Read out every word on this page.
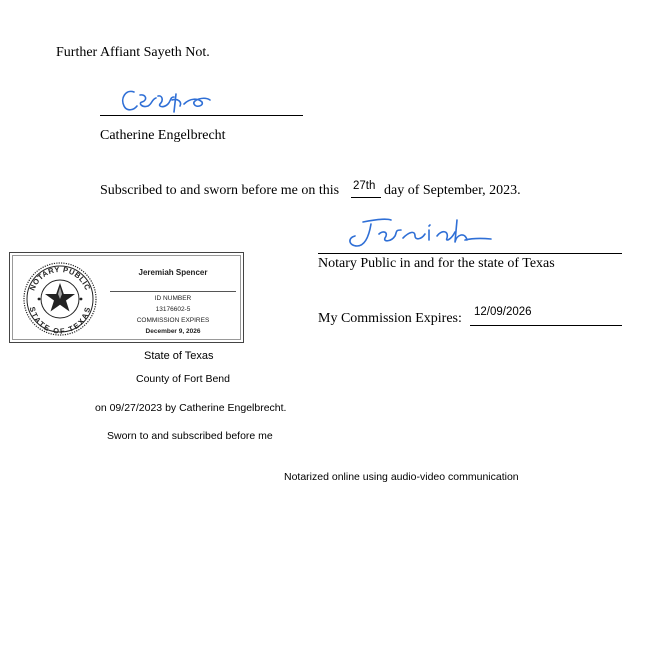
Further Affiant Sayeth Not.
Catherine Engelbrecht
Subscribed to and sworn before me on this 27th day of September, 2023.
Notary Public in and for the state of Texas
My Commission Expires: 12/09/2026
NOTARY PUBLIC
STATE OF TEXAS
Jeremiah Spencer
ID NUMBER
13176602-5
COMMISSION EXPIRES
December 9, 2026
State of Texas
County of Fort Bend
on 09/27/2023 by Catherine Engelbrecht.
Sworn to and subscribed before me
Notarized online using audio-video communication
